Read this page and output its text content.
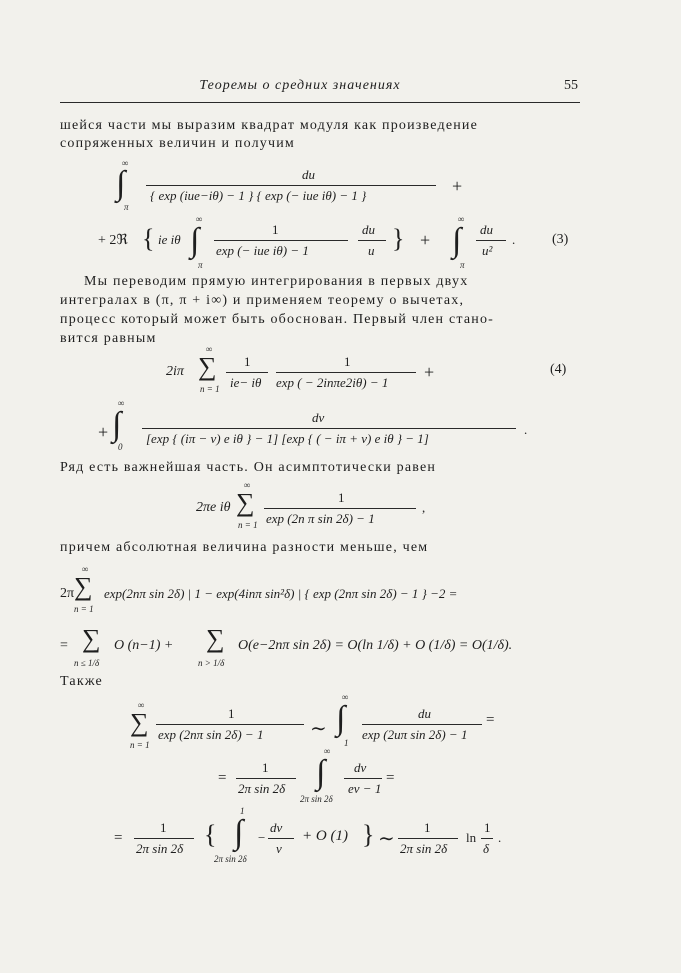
Теоремы о средних значениях	55
шейся части мы выразим квадрат модуля как произведение
сопряженных величин и получим
∞
∫
π
du
{ exp (iue−iθ) − 1 } { exp (− iue iθ) − 1 }	+
+ 2ℜ { ie iθ
∞
∫
π
1
exp (− iue iθ) − 1
du
u } +
∞
∫
π
du
u²
.	(3)
Мы переводим прямую интегрирования в первых двух
интегралах в (π, π + i∞) и применяем теорему о вычетах,
процесс который может быть обоснован. Первый член стано-
вится равным
2iπ
∞
∑
n = 1
1
ie− iθ
1
exp ( − 2inπe2iθ) − 1
+	(4)
+
∞
∫
0
dv
[exp { (iπ − v) e iθ } − 1] [exp { ( − iπ + v) e iθ } − 1]
.
Ряд есть важнейшая часть. Он асимптотически равен
2πe iθ
∞
∑
n = 1
1
exp (2n π sin 2δ) − 1
,
причем абсолютная величина разности меньше, чем
2π
∞
∑
n = 1
exp(2nπ sin 2δ) | 1 − exp(4inπ sin²δ) | { exp (2nπ sin 2δ) − 1 } −2 =
= ∑
n ≤ 1/δ
O (n−1) + ∑
n > 1/δ
O(e−2nπ sin 2δ) = O(ln 1/δ) + O (1/δ) = O(1/δ).
Также
∞
∑
n = 1
1
exp (2nπ sin 2δ) − 1 ∼
∞
∫
1
du
exp (2uπ sin 2δ) − 1
=
=
1
2π sin 2δ
∞
∫
2π sin 2δ
dv
ev − 1
=
=
1
2π sin 2δ {
1
∫
2π sin 2δ
−
dv
v
+ O (1) } ∼
1
2π sin 2δ
ln
1
δ
.
